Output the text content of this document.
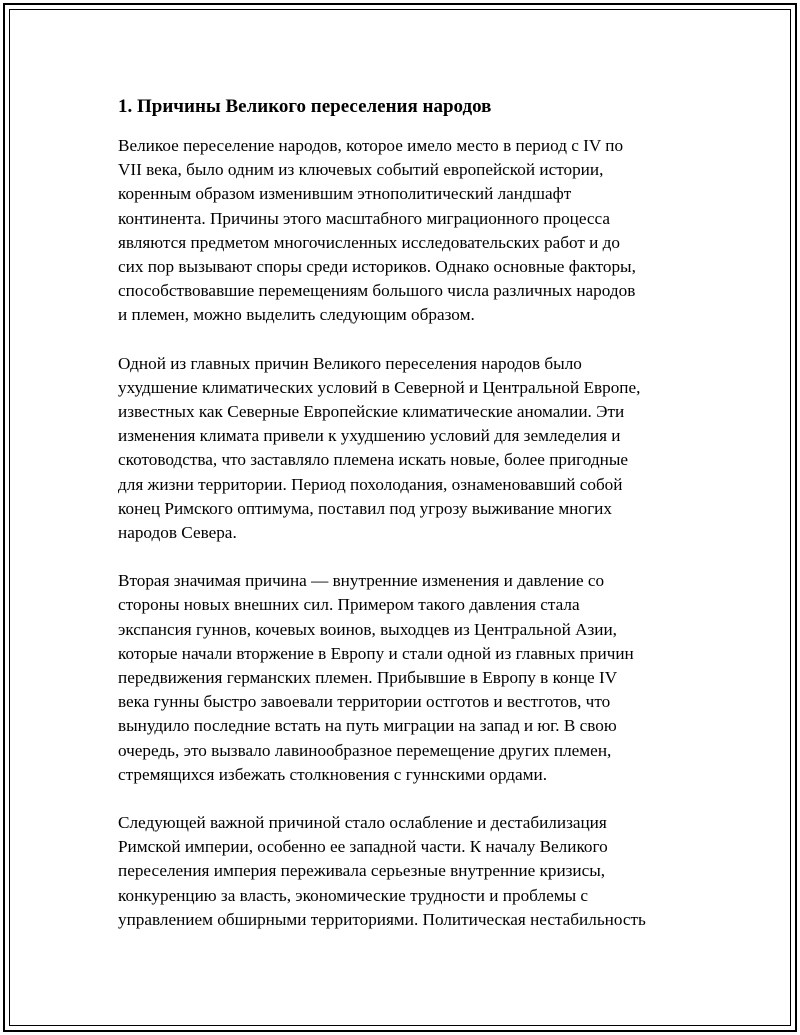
1. Причины Великого переселения народов

Великое переселение народов, которое имело место в период с IV по
VII века, было одним из ключевых событий европейской истории,
коренным образом изменившим этнополитический ландшафт
континента. Причины этого масштабного миграционного процесса
являются предметом многочисленных исследовательских работ и до
сих пор вызывают споры среди историков. Однако основные факторы,
способствовавшие перемещениям большого числа различных народов
и племен, можно выделить следующим образом.

Одной из главных причин Великого переселения народов было
ухудшение климатических условий в Северной и Центральной Европе,
известных как Северные Европейские климатические аномалии. Эти
изменения климата привели к ухудшению условий для земледелия и
скотоводства, что заставляло племена искать новые, более пригодные
для жизни территории. Период похолодания, ознаменовавший собой
конец Римского оптимума, поставил под угрозу выживание многих
народов Севера.

Вторая значимая причина — внутренние изменения и давление со
стороны новых внешних сил. Примером такого давления стала
экспансия гуннов, кочевых воинов, выходцев из Центральной Азии,
которые начали вторжение в Европу и стали одной из главных причин
передвижения германских племен. Прибывшие в Европу в конце IV
века гунны быстро завоевали территории остготов и вестготов, что
вынудило последние встать на путь миграции на запад и юг. В свою
очередь, это вызвало лавинообразное перемещение других племен,
стремящихся избежать столкновения с гуннскими ордами.

Следующей важной причиной стало ослабление и дестабилизация
Римской империи, особенно ее западной части. К началу Великого
переселения империя переживала серьезные внутренние кризисы,
конкуренцию за власть, экономические трудности и проблемы с
управлением обширными территориями. Политическая нестабильность
